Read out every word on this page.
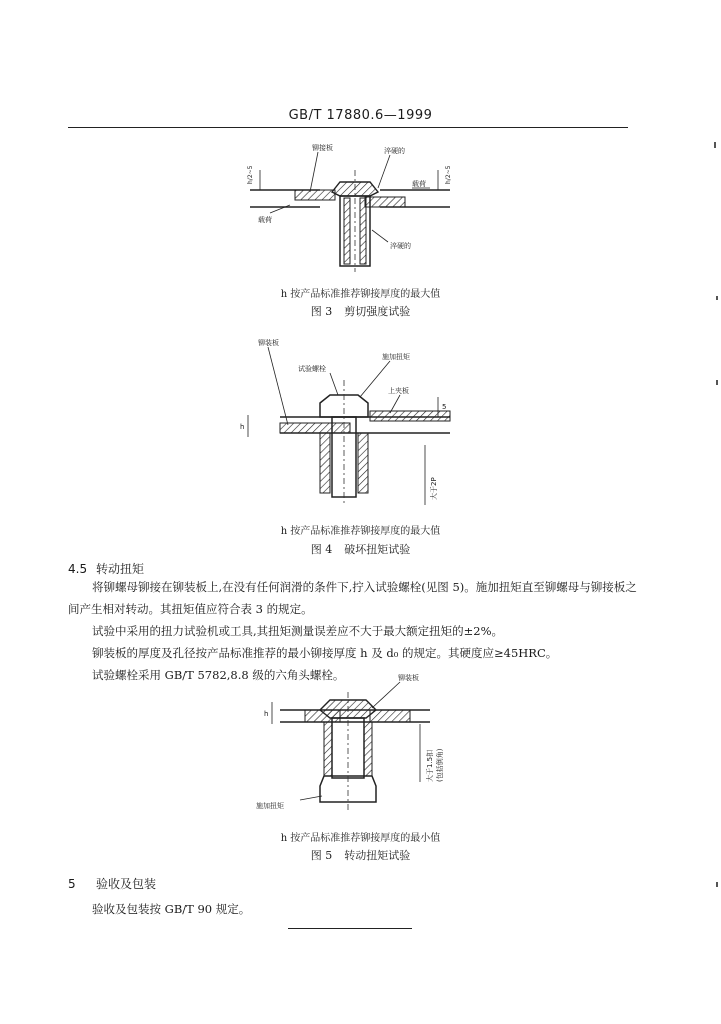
GB/T 17880.6—1999
铆接板	淬硬的
载荷
载荷
淬硬的
h/2~5	h/2~5
h 按产品标准推荐铆接厚度的最大值
图 3 剪切强度试验
铆装板
施加扭矩
试验螺栓
上夹板
h
5
大于2P
h 按产品标准推荐铆接厚度的最大值
图 4 破坏扭矩试验
4.5 转动扭矩
将铆螺母铆接在铆装板上,在没有任何润滑的条件下,拧入试验螺栓(见图 5)。施加扭矩直至铆螺母与铆接板之间产生相对转动。其扭矩值应符合表 3 的规定。
试验中采用的扭力试验机或工具,其扭矩测量误差应不大于最大额定扭矩的±2%。
铆装板的厚度及孔径按产品标准推荐的最小铆接厚度 h 及 d₀ 的规定。其硬度应≥45HRC。
试验螺栓采用 GB/T 5782,8.8 级的六角头螺栓。	铆装板
施加扭矩
h
大于1.5扣 (包括倒角)
h 按产品标准推荐铆接厚度的最小值
图 5 转动扭矩试验
5 验收及包装
验收及包装按 GB/T 90 规定。
